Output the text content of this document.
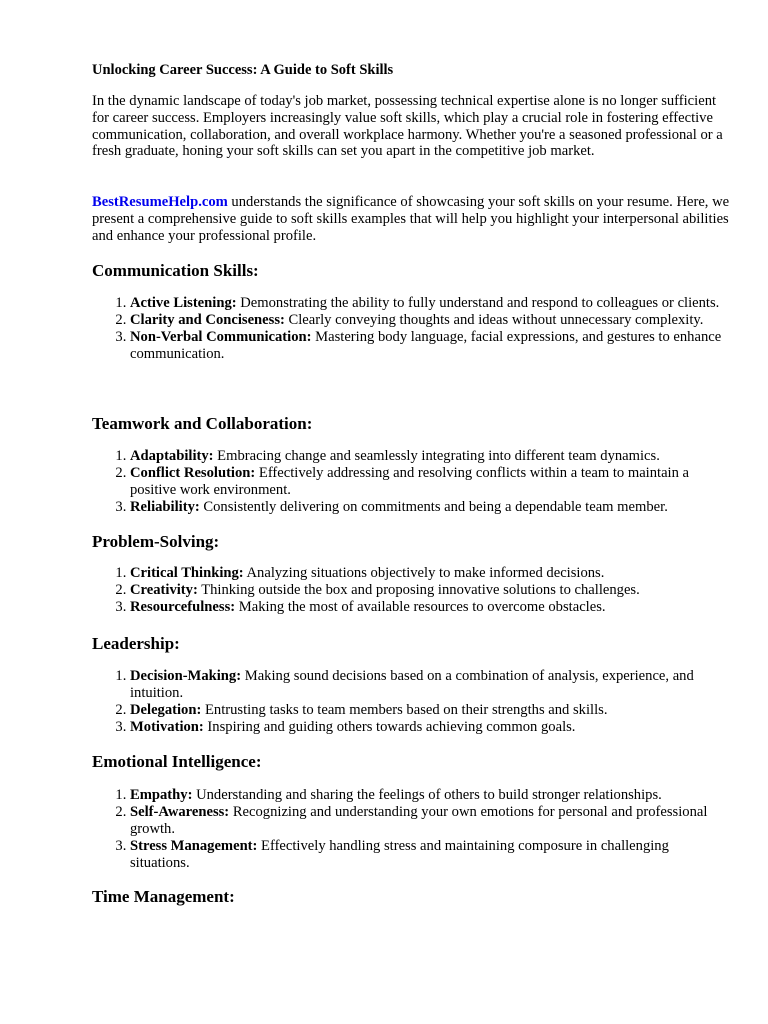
Unlocking Career Success: A Guide to Soft Skills

In the dynamic landscape of today's job market, possessing technical expertise alone is no longer sufficient for career success. Employers increasingly value soft skills, which play a crucial role in fostering effective communication, collaboration, and overall workplace harmony. Whether you're a seasoned professional or a fresh graduate, honing your soft skills can set you apart in the competitive job market.

BestResumeHelp.com understands the significance of showcasing your soft skills on your resume. Here, we present a comprehensive guide to soft skills examples that will help you highlight your interpersonal abilities and enhance your professional profile.

Communication Skills:
1. Active Listening: Demonstrating the ability to fully understand and respond to colleagues or clients.
2. Clarity and Conciseness: Clearly conveying thoughts and ideas without unnecessary complexity.
3. Non-Verbal Communication: Mastering body language, facial expressions, and gestures to enhance communication.
Teamwork and Collaboration:
1. Adaptability: Embracing change and seamlessly integrating into different team dynamics.
2. Conflict Resolution: Effectively addressing and resolving conflicts within a team to maintain a positive work environment.
3. Reliability: Consistently delivering on commitments and being a dependable team member.
Problem-Solving:
1. Critical Thinking: Analyzing situations objectively to make informed decisions.
2. Creativity: Thinking outside the box and proposing innovative solutions to challenges.
3. Resourcefulness: Making the most of available resources to overcome obstacles.
Leadership:
1. Decision-Making: Making sound decisions based on a combination of analysis, experience, and intuition.
2. Delegation: Entrusting tasks to team members based on their strengths and skills.
3. Motivation: Inspiring and guiding others towards achieving common goals.
Emotional Intelligence:
1. Empathy: Understanding and sharing the feelings of others to build stronger relationships.
2. Self-Awareness: Recognizing and understanding your own emotions for personal and professional growth.
3. Stress Management: Effectively handling stress and maintaining composure in challenging situations.
Time Management:
